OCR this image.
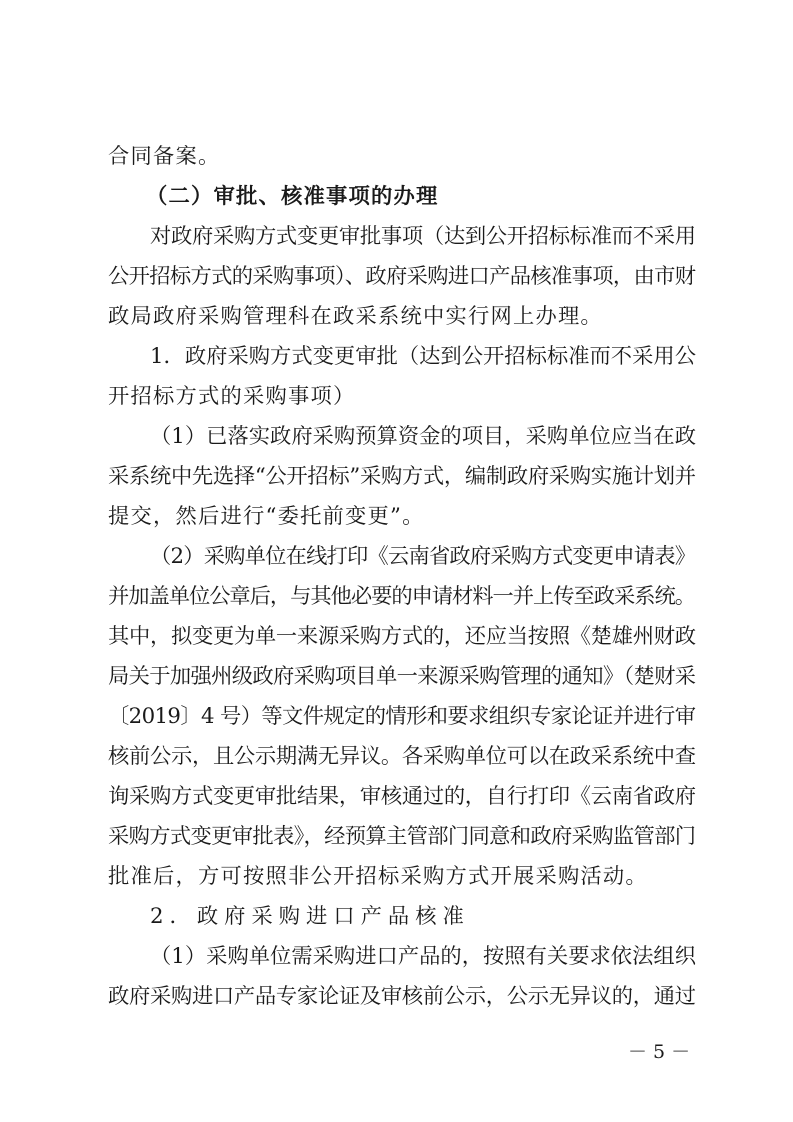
合同备案。
（二）审批、核准事项的办理
对政府采购方式变更审批事项（达到公开招标标准而不采用
公开招标方式的采购事项）、政府采购进口产品核准事项，由市财
政局政府采购管理科在政采系统中实行网上办理。
1．政府采购方式变更审批（达到公开招标标准而不采用公
开招标方式的采购事项）
（1）已落实政府采购预算资金的项目，采购单位应当在政
采系统中先选择“公开招标”采购方式，编制政府采购实施计划并
提交，然后进行“委托前变更”。
（2）采购单位在线打印《云南省政府采购方式变更申请表》
并加盖单位公章后，与其他必要的申请材料一并上传至政采系统。
其中，拟变更为单一来源采购方式的，还应当按照《楚雄州财政
局关于加强州级政府采购项目单一来源采购管理的通知》（楚财采
〔2019〕4 号）等文件规定的情形和要求组织专家论证并进行审
核前公示，且公示期满无异议。各采购单位可以在政采系统中查
询采购方式变更审批结果，审核通过的，自行打印《云南省政府
采购方式变更审批表》，经预算主管部门同意和政府采购监管部门
批准后，方可按照非公开招标采购方式开展采购活动。
2．政府采购进口产品核准
（1）采购单位需采购进口产品的，按照有关要求依法组织
政府采购进口产品专家论证及审核前公示，公示无异议的，通过
－ 5 －
